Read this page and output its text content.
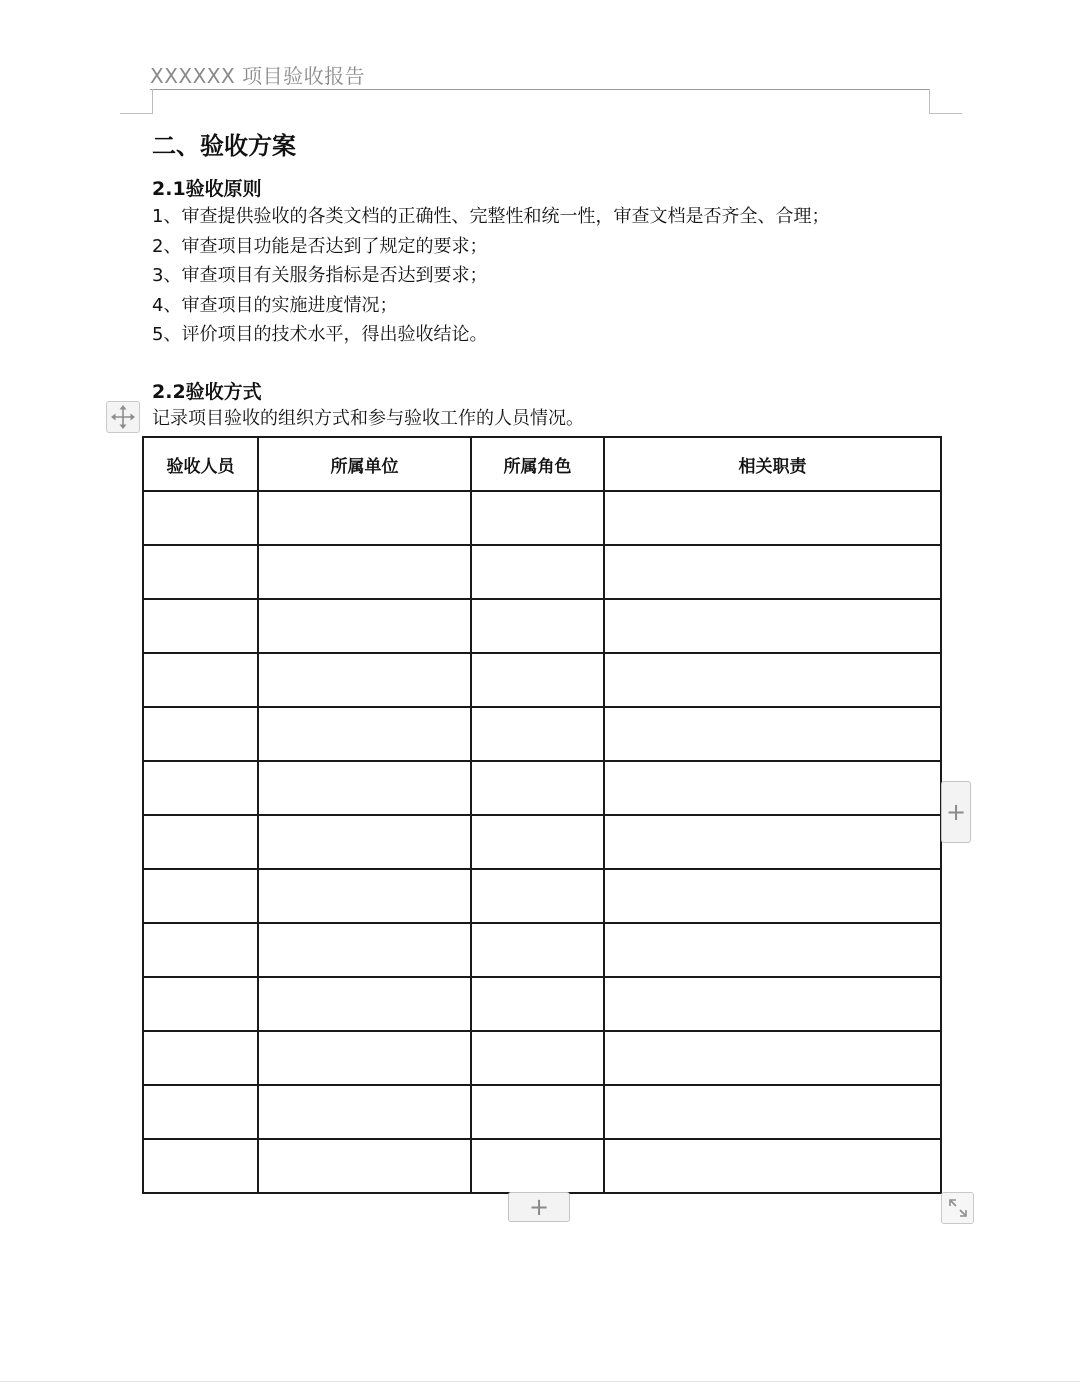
XXXXXX 项目验收报告
二、验收方案
2.1验收原则
1、审查提供验收的各类文档的正确性、完整性和统一性，审查文档是否齐全、合理；
2、审查项目功能是否达到了规定的要求；
3、审查项目有关服务指标是否达到要求；
4、审查项目的实施进度情况；
5、评价项目的技术水平，得出验收结论。
2.2验收方式
记录项目验收的组织方式和参与验收工作的人员情况。
验收人员	所属单位	所属角色	相关职责

+
+
